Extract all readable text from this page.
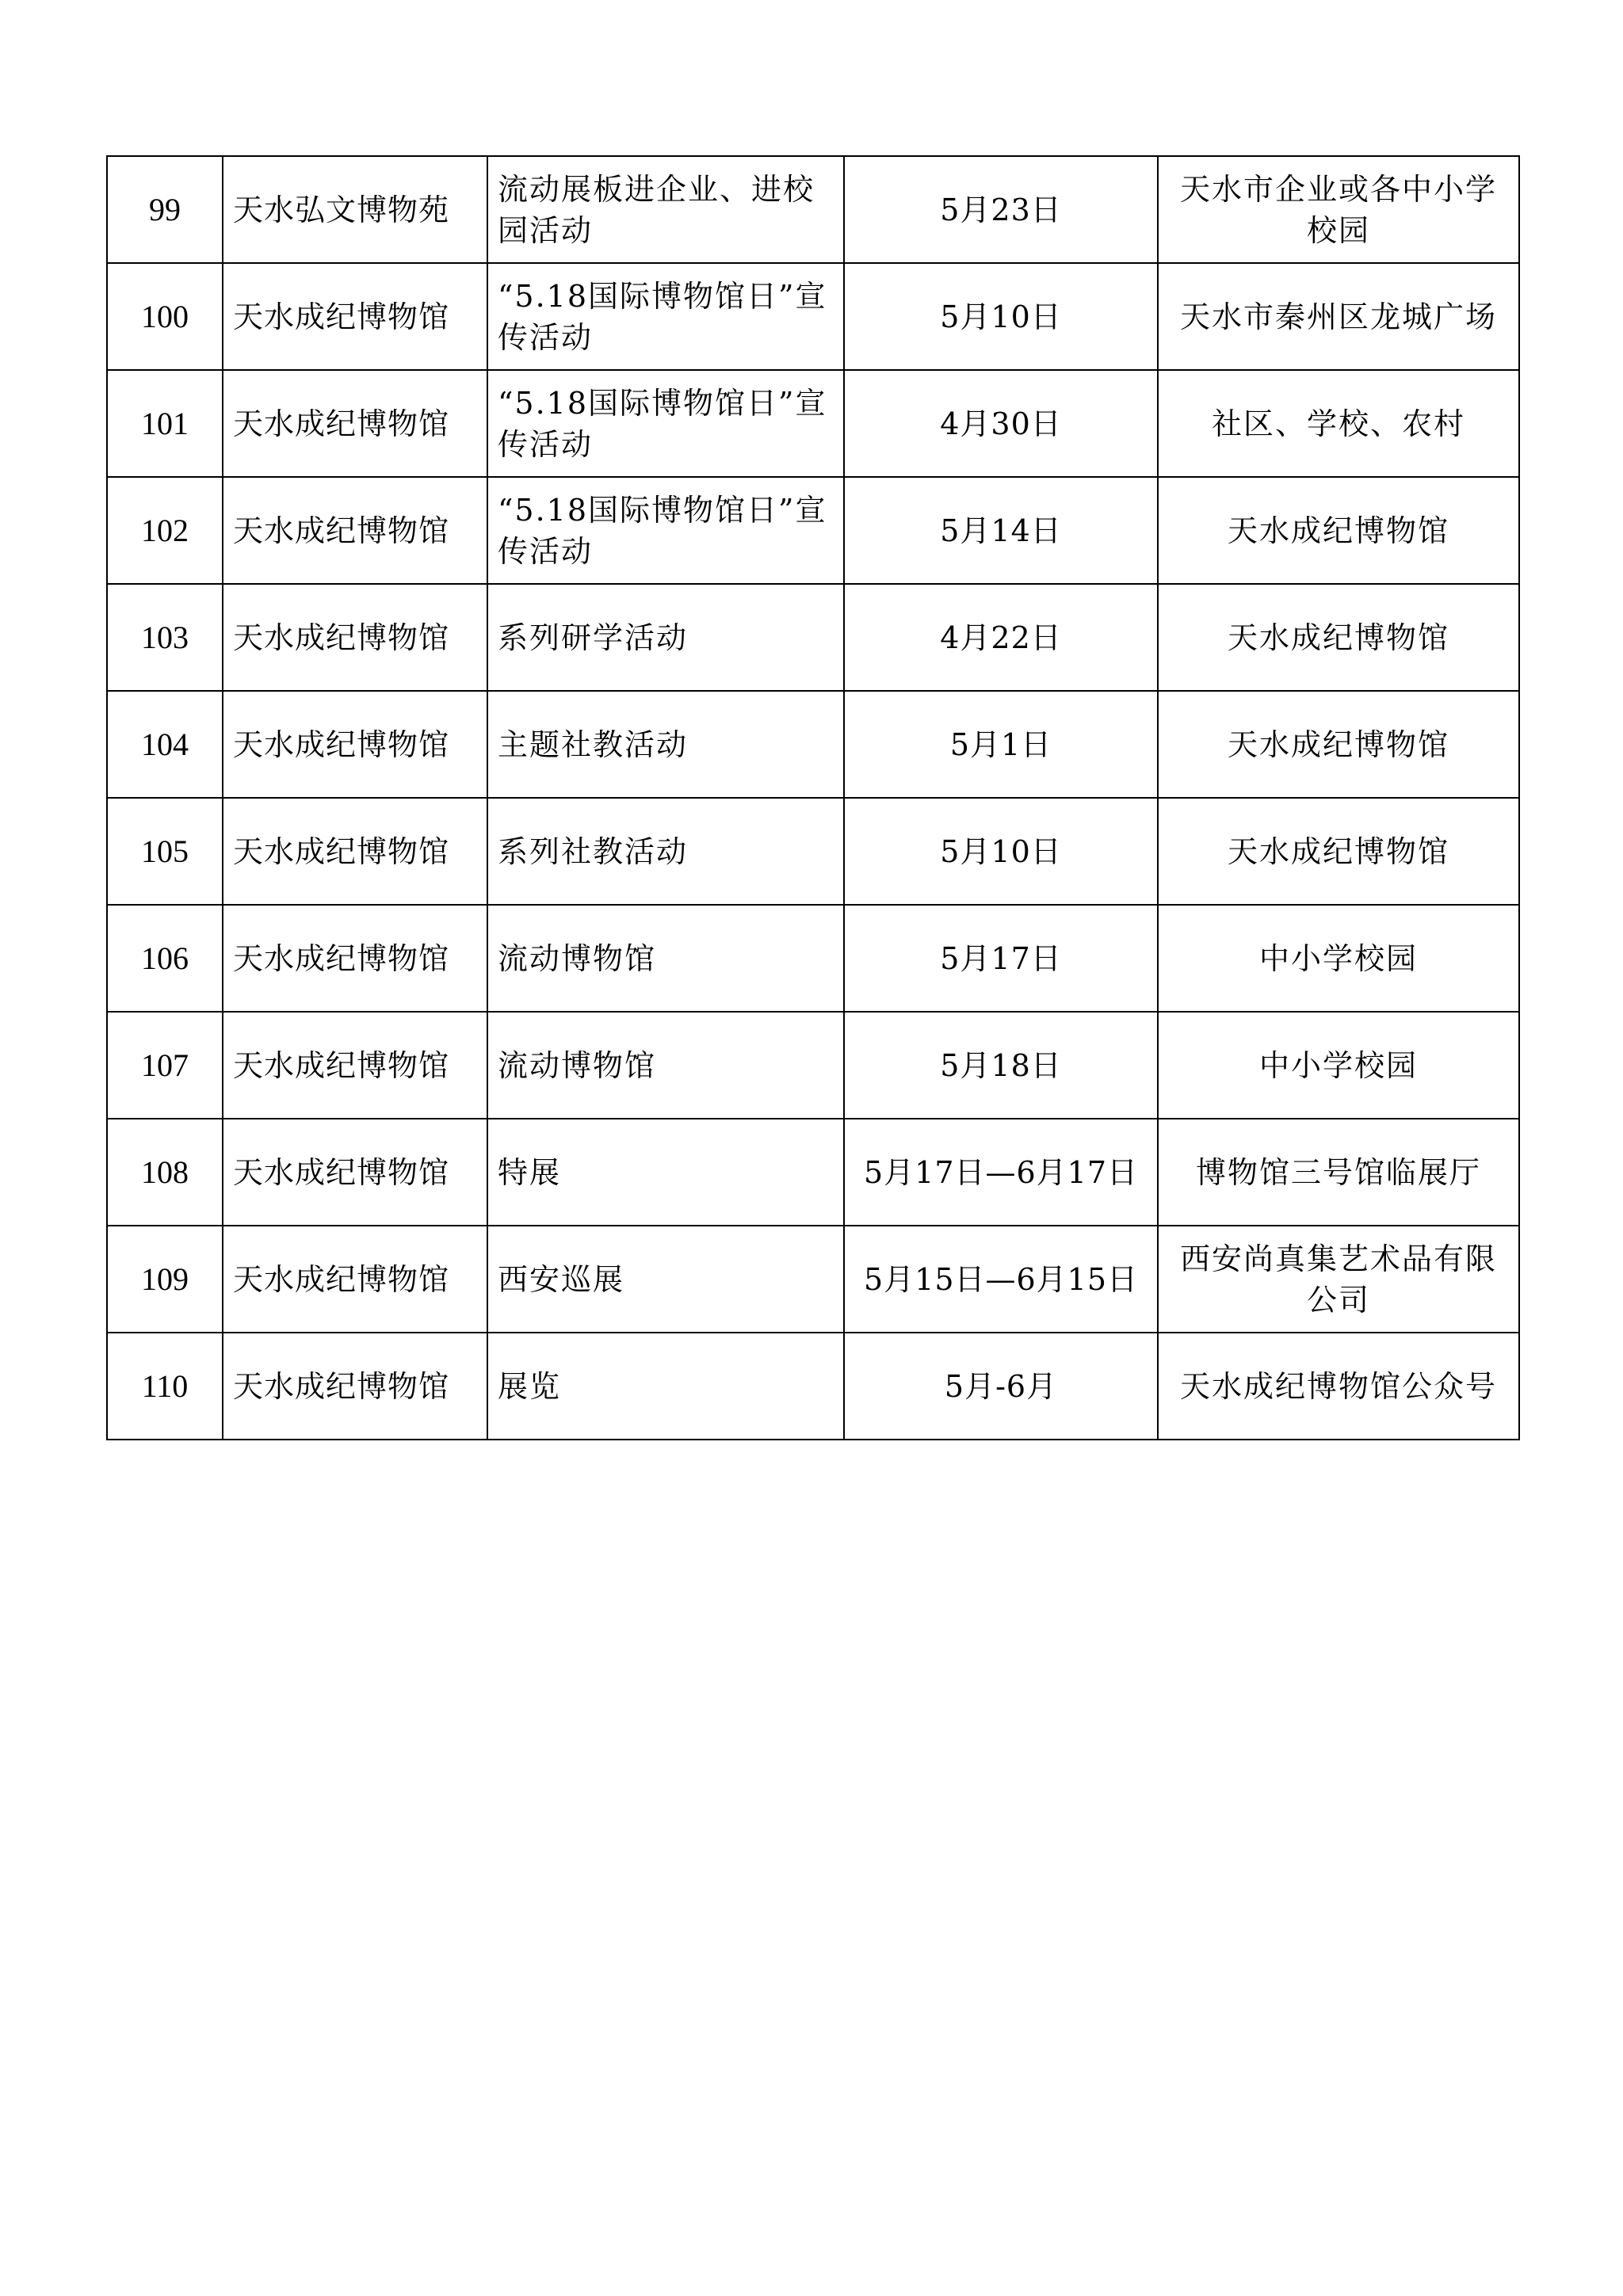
99	天水弘文博物苑	流动展板进企业、进校园活动	5月23日	天水市企业或各中小学校园
100	天水成纪博物馆	“5.18国际博物馆日”宣传活动	5月10日	天水市秦州区龙城广场
101	天水成纪博物馆	“5.18国际博物馆日”宣传活动	4月30日	社区、学校、农村
102	天水成纪博物馆	“5.18国际博物馆日”宣传活动	5月14日	天水成纪博物馆
103	天水成纪博物馆	系列研学活动	4月22日	天水成纪博物馆
104	天水成纪博物馆	主题社教活动	5月1日	天水成纪博物馆
105	天水成纪博物馆	系列社教活动	5月10日	天水成纪博物馆
106	天水成纪博物馆	流动博物馆	5月17日	中小学校园
107	天水成纪博物馆	流动博物馆	5月18日	中小学校园
108	天水成纪博物馆	特展	5月17日—6月17日	博物馆三号馆临展厅
109	天水成纪博物馆	西安巡展	5月15日—6月15日	西安尚真集艺术品有限公司
110	天水成纪博物馆	展览	5月-6月	天水成纪博物馆公众号
